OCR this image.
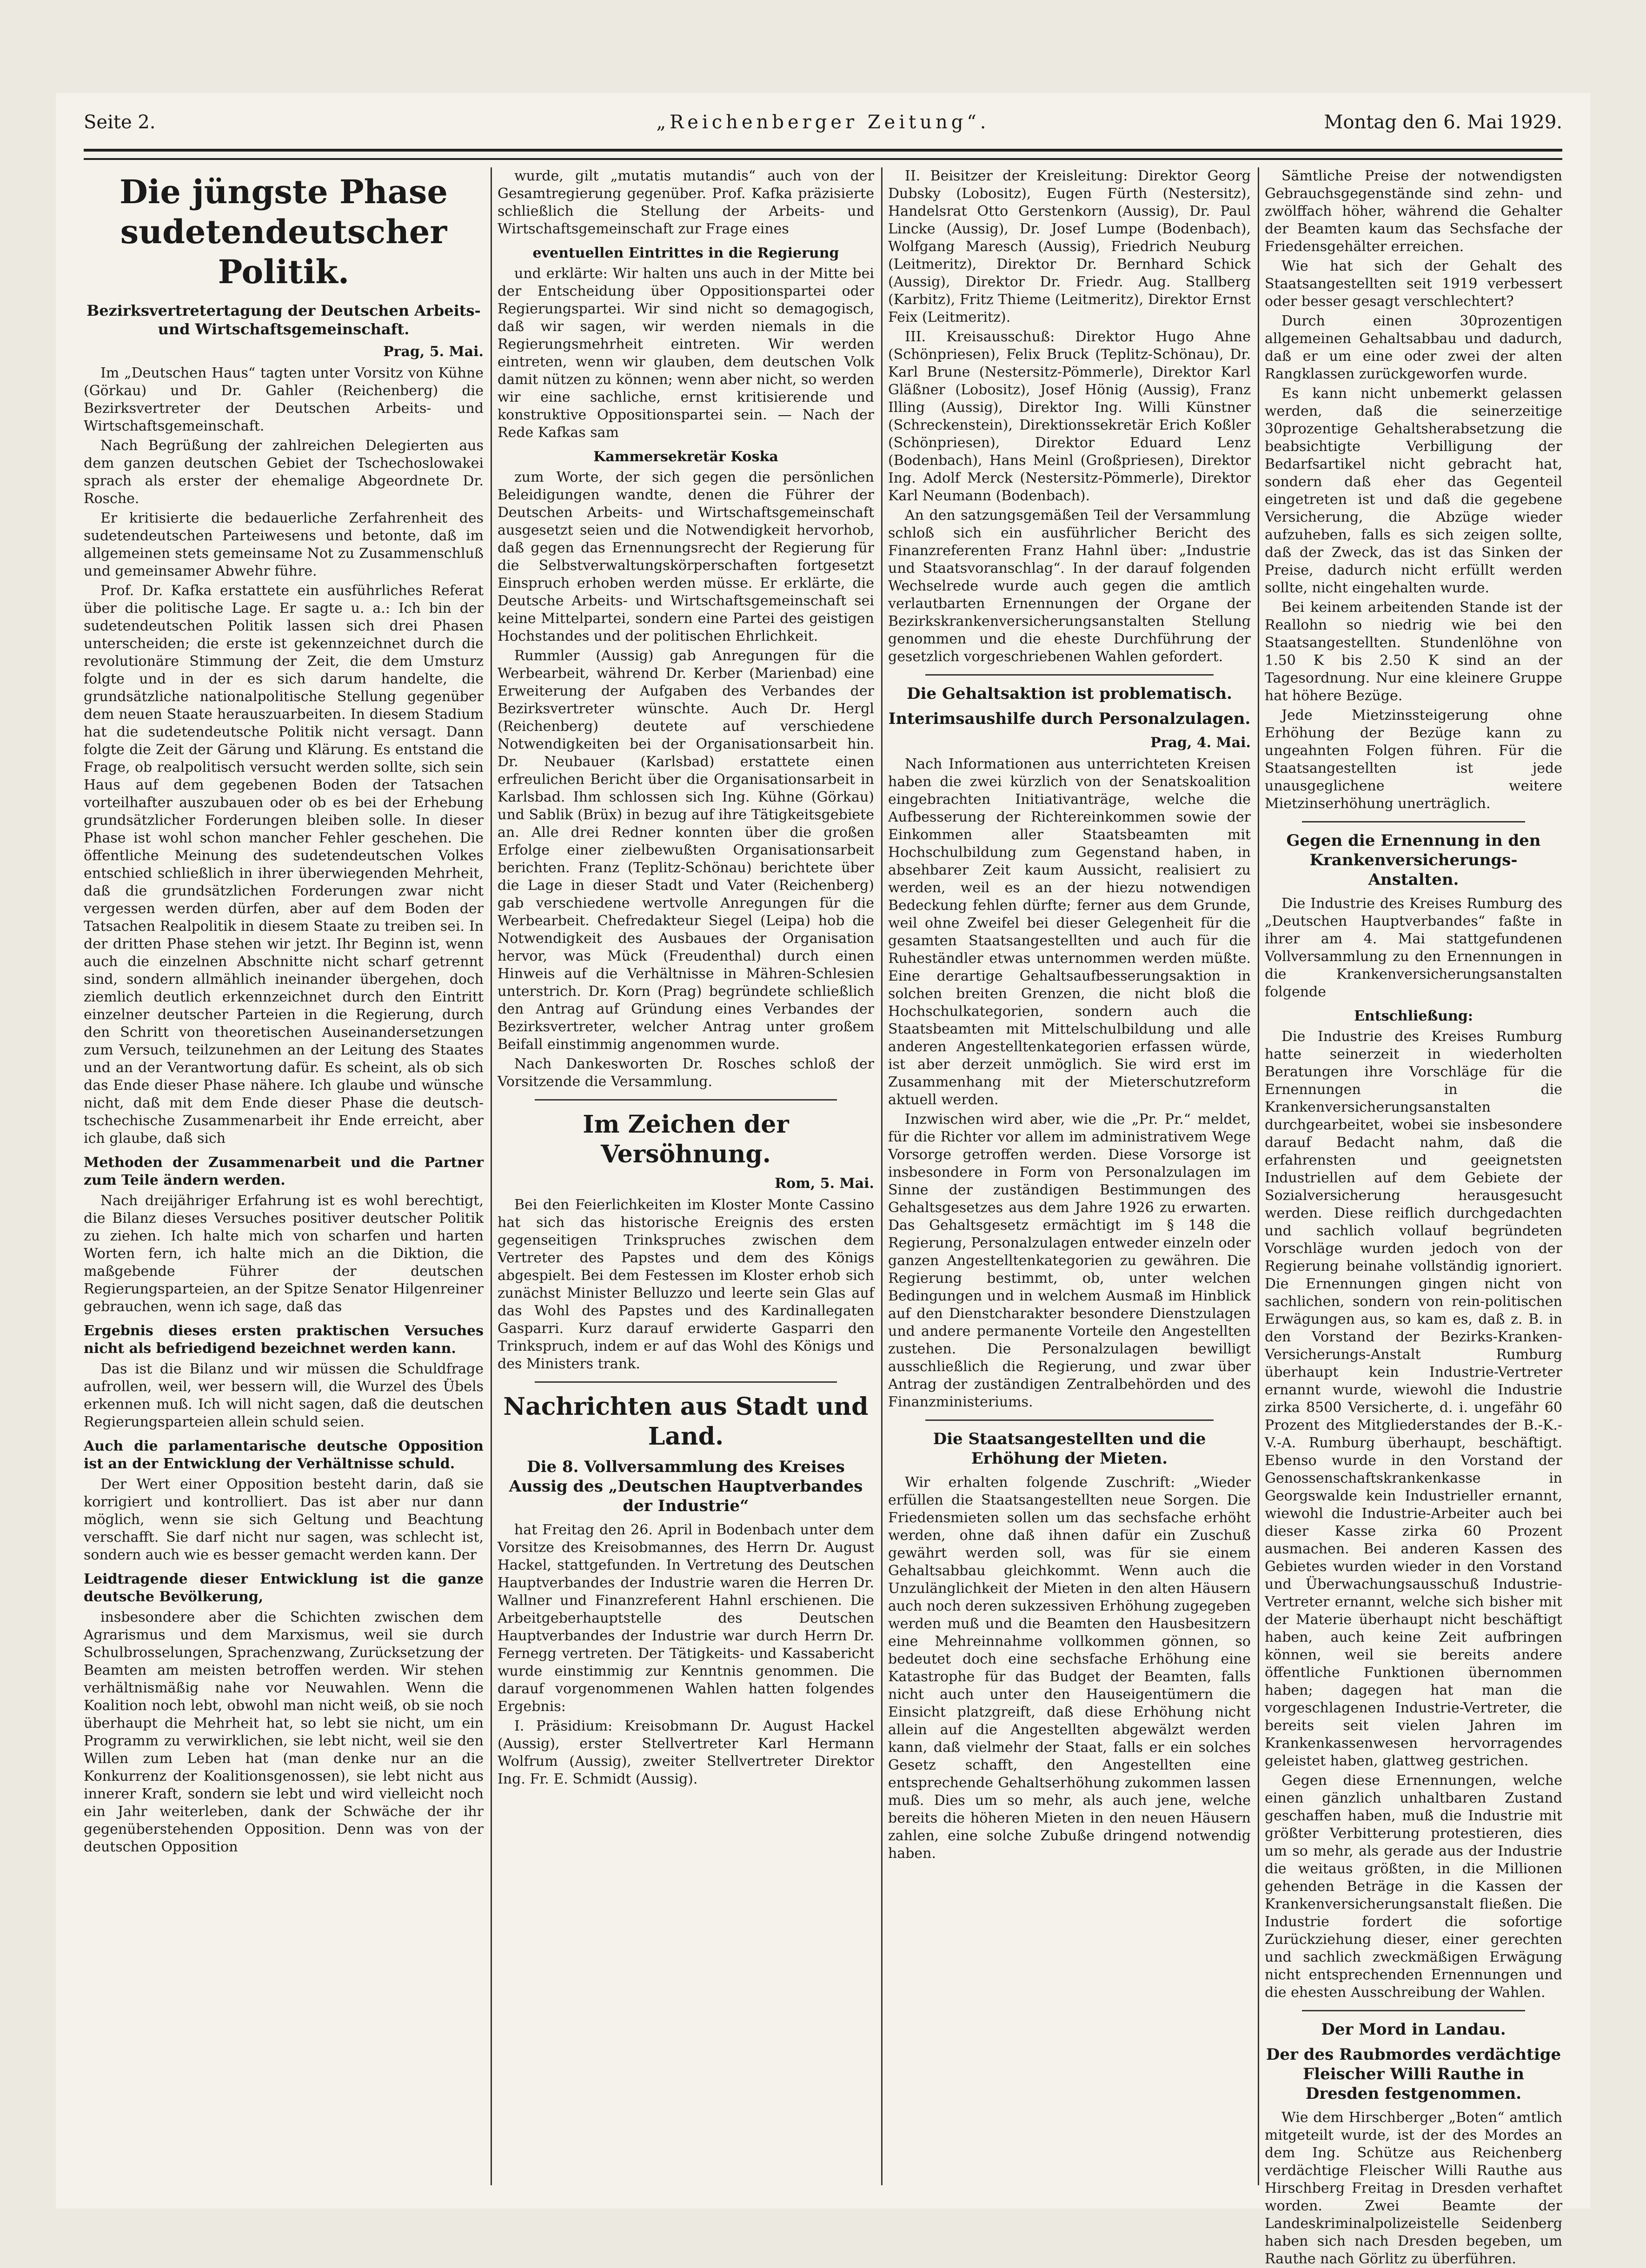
Seite 2.	„Reichenberger Zeitung“.	Montag den 6. Mai 1929.
Die jüngste Phase sudetendeutscher Politik.
Bezirksvertretertagung der Deutschen Arbeits- und Wirtschaftsgemeinschaft.
Prag, 5. Mai.

Im „Deutschen Haus“ tagten unter Vorsitz von Kühne (Görkau) und Dr. Gahler (Reichenberg) die Bezirksvertreter der Deutschen Arbeits- und Wirtschaftsgemeinschaft.

Nach Begrüßung der zahlreichen Delegierten aus dem ganzen deutschen Gebiet der Tschechoslowakei sprach als erster der ehemalige Abgeordnete Dr. Rosche.

Er kritisierte die bedauerliche Zerfahrenheit des sudetendeutschen Parteiwesens und betonte, daß im allgemeinen stets gemeinsame Not zu Zusammenschluß und gemeinsamer Abwehr führe.

Prof. Dr. Kafka erstattete ein ausführliches Referat über die politische Lage. Er sagte u. a.: Ich bin der sudetendeutschen Politik lassen sich drei Phasen unterscheiden; die erste ist gekennzeichnet durch die revolutionäre Stimmung der Zeit, die dem Umsturz folgte und in der es sich darum handelte, die grundsätzliche nationalpolitische Stellung gegenüber dem neuen Staate herauszuarbeiten. In diesem Stadium hat die sudetendeutsche Politik nicht versagt. Dann folgte die Zeit der Gärung und Klärung. Es entstand die Frage, ob realpolitisch versucht werden sollte, sich sein Haus auf dem gegebenen Boden der Tatsachen vorteilhafter auszubauen oder ob es bei der Erhebung grundsätzlicher Forderungen bleiben solle. In dieser Phase ist wohl schon mancher Fehler geschehen. Die öffentliche Meinung des sudetendeutschen Volkes entschied schließlich in ihrer überwiegenden Mehrheit, daß die grundsätzlichen Forderungen zwar nicht vergessen werden dürfen, aber auf dem Boden der Tatsachen Realpolitik in diesem Staate zu treiben sei. In der dritten Phase stehen wir jetzt. Ihr Beginn ist, wenn auch die einzelnen Abschnitte nicht scharf getrennt sind, sondern allmählich ineinander übergehen, doch ziemlich deutlich erkennzeichnet durch den Eintritt einzelner deutscher Parteien in die Regierung, durch den Schritt von theoretischen Auseinandersetzungen zum Versuch, teilzunehmen an der Leitung des Staates und an der Verantwortung dafür. Es scheint, als ob sich das Ende dieser Phase nähere. Ich glaube und wünsche nicht, daß mit dem Ende dieser Phase die deutsch-tschechische Zusammenarbeit ihr Ende erreicht, aber ich glaube, daß sich

Methoden der Zusammenarbeit und die Partner zum Teile ändern werden.

Nach dreijähriger Erfahrung ist es wohl berechtigt, die Bilanz dieses Versuches positiver deutscher Politik zu ziehen. Ich halte mich von scharfen und harten Worten fern, ich halte mich an die Diktion, die maßgebende Führer der deutschen Regierungsparteien, an der Spitze Senator Hilgenreiner gebrauchen, wenn ich sage, daß das

Ergebnis dieses ersten praktischen Versuches nicht als befriedigend bezeichnet werden kann.

Das ist die Bilanz und wir müssen die Schuldfrage aufrollen, weil, wer bessern will, die Wurzel des Übels erkennen muß. Ich will nicht sagen, daß die deutschen Regierungsparteien allein schuld seien.

Auch die parlamentarische deutsche Opposition ist an der Entwicklung der Verhältnisse schuld.

Der Wert einer Opposition besteht darin, daß sie korrigiert und kontrolliert. Das ist aber nur dann möglich, wenn sie sich Geltung und Beachtung verschafft. Sie darf nicht nur sagen, was schlecht ist, sondern auch wie es besser gemacht werden kann. Der

Leidtragende dieser Entwicklung ist die ganze deutsche Bevölkerung,

insbesondere aber die Schichten zwischen dem Agrarismus und dem Marxismus, weil sie durch Schulbrosselungen, Sprachenzwang, Zurücksetzung der Beamten am meisten betroffen werden. Wir stehen verhältnismäßig nahe vor Neuwahlen. Wenn die Koalition noch lebt, obwohl man nicht weiß, ob sie noch überhaupt die Mehrheit hat, so lebt sie nicht, um ein Programm zu verwirklichen, sie lebt nicht, weil sie den Willen zum Leben hat (man denke nur an die Konkurrenz der Koalitionsgenossen), sie lebt nicht aus innerer Kraft, sondern sie lebt und wird vielleicht noch ein Jahr weiterleben, dank der Schwäche der ihr gegenüberstehenden Opposition. Denn was von der deutschen Opposition

wurde, gilt „mutatis mutandis“ auch von der Gesamtregierung gegenüber. Prof. Kafka präzisierte schließlich die Stellung der Arbeits- und Wirtschaftsgemeinschaft zur Frage eines

eventuellen Eintrittes in die Regierung

und erklärte: Wir halten uns auch in der Mitte bei der Entscheidung über Oppositionspartei oder Regierungspartei. Wir sind nicht so demagogisch, daß wir sagen, wir werden niemals in die Regierungsmehrheit eintreten. Wir werden eintreten, wenn wir glauben, dem deutschen Volk damit nützen zu können; wenn aber nicht, so werden wir eine sachliche, ernst kritisierende und konstruktive Oppositionspartei sein. — Nach der Rede Kafkas sam

Kammersekretär Koska

zum Worte, der sich gegen die persönlichen Beleidigungen wandte, denen die Führer der Deutschen Arbeits- und Wirtschaftsgemeinschaft ausgesetzt seien und die Notwendigkeit hervorhob, daß gegen das Ernennungsrecht der Regierung für die Selbstverwaltungskörperschaften fortgesetzt Einspruch erhoben werden müsse. Er erklärte, die Deutsche Arbeits- und Wirtschaftsgemeinschaft sei keine Mittelpartei, sondern eine Partei des geistigen Hochstandes und der politischen Ehrlichkeit.

Rummler (Aussig) gab Anregungen für die Werbearbeit, während Dr. Kerber (Marienbad) eine Erweiterung der Aufgaben des Verbandes der Bezirksvertreter wünschte. Auch Dr. Hergl (Reichenberg) deutete auf verschiedene Notwendigkeiten bei der Organisationsarbeit hin. Dr. Neubauer (Karlsbad) erstattete einen erfreulichen Bericht über die Organisationsarbeit in Karlsbad. Ihm schlossen sich Ing. Kühne (Görkau) und Sablik (Brüx) in bezug auf ihre Tätigkeitsgebiete an. Alle drei Redner konnten über die großen Erfolge einer zielbewußten Organisationsarbeit berichten. Franz (Teplitz-Schönau) berichtete über die Lage in dieser Stadt und Vater (Reichenberg) gab verschiedene wertvolle Anregungen für die Werbearbeit. Chefredakteur Siegel (Leipa) hob die Notwendigkeit des Ausbaues der Organisation hervor, was Mück (Freudenthal) durch einen Hinweis auf die Verhältnisse in Mähren-Schlesien unterstrich. Dr. Korn (Prag) begründete schließlich den Antrag auf Gründung eines Verbandes der Bezirksvertreter, welcher Antrag unter großem Beifall einstimmig angenommen wurde.

Nach Dankesworten Dr. Rosches schloß der Vorsitzende die Versammlung.

Im Zeichen der Versöhnung.
Rom, 5. Mai.

Bei den Feierlichkeiten im Kloster Monte Cassino hat sich das historische Ereignis des ersten gegenseitigen Trinkspruches zwischen dem Vertreter des Papstes und dem des Königs abgespielt. Bei dem Festessen im Kloster erhob sich zunächst Minister Belluzzo und leerte sein Glas auf das Wohl des Papstes und des Kardinallegaten Gasparri. Kurz darauf erwiderte Gasparri den Trinkspruch, indem er auf das Wohl des Königs und des Ministers trank.

Nachrichten aus Stadt und Land.
Die 8. Vollversammlung des Kreises Aussig des „Deutschen Hauptverbandes der Industrie“

hat Freitag den 26. April in Bodenbach unter dem Vorsitze des Kreisobmannes, des Herrn Dr. August Hackel, stattgefunden. In Vertretung des Deutschen Hauptverbandes der Industrie waren die Herren Dr. Wallner und Finanzreferent Hahnl erschienen. Die Arbeitgeberhauptstelle des Deutschen Hauptverbandes der Industrie war durch Herrn Dr. Fernegg vertreten. Der Tätigkeits- und Kassabericht wurde einstimmig zur Kenntnis genommen. Die darauf vorgenommenen Wahlen hatten folgendes Ergebnis:

I. Präsidium: Kreisobmann Dr. August Hackel (Aussig), erster Stellvertreter Karl Hermann Wolfrum (Aussig), zweiter Stellvertreter Direktor Ing. Fr. E. Schmidt (Aussig).

II. Beisitzer der Kreisleitung: Direktor Georg Dubsky (Lobositz), Eugen Fürth (Nestersitz), Handelsrat Otto Gerstenkorn (Aussig), Dr. Paul Lincke (Aussig), Dr. Josef Lumpe (Bodenbach), Wolfgang Maresch (Aussig), Friedrich Neuburg (Leitmeritz), Direktor Dr. Bernhard Schick (Aussig), Direktor Dr. Friedr. Aug. Stallberg (Karbitz), Fritz Thieme (Leitmeritz), Direktor Ernst Feix (Leitmeritz).

III. Kreisausschuß: Direktor Hugo Ahne (Schönpriesen), Felix Bruck (Teplitz-Schönau), Dr. Karl Brune (Nestersitz-Pömmerle), Direktor Karl Gläßner (Lobositz), Josef Hönig (Aussig), Franz Illing (Aussig), Direktor Ing. Willi Künstner (Schreckenstein), Direktionssekretär Erich Koßler (Schönpriesen), Direktor Eduard Lenz (Bodenbach), Hans Meinl (Großpriesen), Direktor Ing. Adolf Merck (Nestersitz-Pömmerle), Direktor Karl Neumann (Bodenbach).

An den satzungsgemäßen Teil der Versammlung schloß sich ein ausführlicher Bericht des Finanzreferenten Franz Hahnl über: „Industrie und Staatsvoranschlag“. In der darauf folgenden Wechselrede wurde auch gegen die amtlich verlautbarten Ernennungen der Organe der Bezirkskrankenversicherungsanstalten Stellung genommen und die eheste Durchführung der gesetzlich vorgeschriebenen Wahlen gefordert.

Die Gehaltsaktion ist problematisch.
Interimsaushilfe durch Personalzulagen.
Prag, 4. Mai.

Nach Informationen aus unterrichteten Kreisen haben die zwei kürzlich von der Senatskoalition eingebrachten Initiativanträge, welche die Aufbesserung der Richtereinkommen sowie der Einkommen aller Staatsbeamten mit Hochschulbildung zum Gegenstand haben, in absehbarer Zeit kaum Aussicht, realisiert zu werden, weil es an der hiezu notwendigen Bedeckung fehlen dürfte; ferner aus dem Grunde, weil ohne Zweifel bei dieser Gelegenheit für die gesamten Staatsangestellten und auch für die Ruheständler etwas unternommen werden müßte. Eine derartige Gehaltsaufbesserungsaktion in solchen breiten Grenzen, die nicht bloß die Hochschulkategorien, sondern auch die Staatsbeamten mit Mittelschulbildung und alle anderen Angestelltenkategorien erfassen würde, ist aber derzeit unmöglich. Sie wird erst im Zusammenhang mit der Mieterschutzreform aktuell werden.

Inzwischen wird aber, wie die „Pr. Pr.“ meldet, für die Richter vor allem im administrativem Wege Vorsorge getroffen werden. Diese Vorsorge ist insbesondere in Form von Personalzulagen im Sinne der zuständigen Bestimmungen des Gehaltsgesetzes aus dem Jahre 1926 zu erwarten. Das Gehaltsgesetz ermächtigt im § 148 die Regierung, Personalzulagen entweder einzeln oder ganzen Angestelltenkategorien zu gewähren. Die Regierung bestimmt, ob, unter welchen Bedingungen und in welchem Ausmaß im Hinblick auf den Dienstcharakter besondere Dienstzulagen und andere permanente Vorteile den Angestellten zustehen. Die Personalzulagen bewilligt ausschließlich die Regierung, und zwar über Antrag der zuständigen Zentralbehörden und des Finanzministeriums.

Die Staatsangestellten und die Erhöhung der Mieten.

Wir erhalten folgende Zuschrift: „Wieder erfüllen die Staatsangestellten neue Sorgen. Die Friedensmieten sollen um das sechsfache erhöht werden, ohne daß ihnen dafür ein Zuschuß gewährt werden soll, was für sie einem Gehaltsabbau gleichkommt. Wenn auch die Unzulänglichkeit der Mieten in den alten Häusern auch noch deren sukzessiven Erhöhung zugegeben werden muß und die Beamten den Hausbesitzern eine Mehreinnahme vollkommen gönnen, so bedeutet doch eine sechsfache Erhöhung eine Katastrophe für das Budget der Beamten, falls nicht auch unter den Hauseigentümern die Einsicht platzgreift, daß diese Erhöhung nicht allein auf die Angestellten abgewälzt werden kann, daß vielmehr der Staat, falls er ein solches Gesetz schafft, den Angestellten eine entsprechende Gehaltserhöhung zukommen lassen muß. Dies um so mehr, als auch jene, welche bereits die höheren Mieten in den neuen Häusern zahlen, eine solche Zubuße dringend notwendig haben.

Sämtliche Preise der notwendigsten Gebrauchsgegenstände sind zehn- und zwölffach höher, während die Gehalter der Beamten kaum das Sechsfache der Friedensgehälter erreichen.

Wie hat sich der Gehalt des Staatsangestellten seit 1919 verbessert oder besser gesagt verschlechtert?

Durch einen 30prozentigen allgemeinen Gehaltsabbau und dadurch, daß er um eine oder zwei der alten Rangklassen zurückgeworfen wurde.

Es kann nicht unbemerkt gelassen werden, daß die seinerzeitige 30prozentige Gehaltsherabsetzung die beabsichtigte Verbilligung der Bedarfsartikel nicht gebracht hat, sondern daß eher das Gegenteil eingetreten ist und daß die gegebene Versicherung, die Abzüge wieder aufzuheben, falls es sich zeigen sollte, daß der Zweck, das ist das Sinken der Preise, dadurch nicht erfüllt werden sollte, nicht eingehalten wurde.

Bei keinem arbeitenden Stande ist der Reallohn so niedrig wie bei den Staatsangestellten. Stundenlöhne von 1.50 K bis 2.50 K sind an der Tagesordnung. Nur eine kleinere Gruppe hat höhere Bezüge.

Jede Mietzinssteigerung ohne Erhöhung der Bezüge kann zu ungeahnten Folgen führen. Für die Staatsangestellten ist jede unausgeglichene weitere Mietzinserhöhung unerträglich.

Gegen die Ernennung in den Krankenversicherungs-Anstalten.

Die Industrie des Kreises Rumburg des „Deutschen Hauptverbandes“ faßte in ihrer am 4. Mai stattgefundenen Vollversammlung zu den Ernennungen in die Krankenversicherungsanstalten folgende

Entschließung:

Die Industrie des Kreises Rumburg hatte seinerzeit in wiederholten Beratungen ihre Vorschläge für die Ernennungen in die Krankenversicherungsanstalten durchgearbeitet, wobei sie insbesondere darauf Bedacht nahm, daß die erfahrensten und geeignetsten Industriellen auf dem Gebiete der Sozialversicherung herausgesucht werden. Diese reiflich durchgedachten und sachlich vollauf begründeten Vorschläge wurden jedoch von der Regierung beinahe vollständig ignoriert. Die Ernennungen gingen nicht von sachlichen, sondern von rein-politischen Erwägungen aus, so kam es, daß z. B. in den Vorstand der Bezirks-Kranken-Versicherungs-Anstalt Rumburg überhaupt kein Industrie-Vertreter ernannt wurde, wiewohl die Industrie zirka 8500 Versicherte, d. i. ungefähr 60 Prozent des Mitgliederstandes der B.-K.-V.-A. Rumburg überhaupt, beschäftigt. Ebenso wurde in den Vorstand der Genossenschaftskrankenkasse in Georgswalde kein Industrieller ernannt, wiewohl die Industrie-Arbeiter auch bei dieser Kasse zirka 60 Prozent ausmachen. Bei anderen Kassen des Gebietes wurden wieder in den Vorstand und Überwachungsausschuß Industrie-Vertreter ernannt, welche sich bisher mit der Materie überhaupt nicht beschäftigt haben, auch keine Zeit aufbringen können, weil sie bereits andere öffentliche Funktionen übernommen haben; dagegen hat man die vorgeschlagenen Industrie-Vertreter, die bereits seit vielen Jahren im Krankenkassenwesen hervorragendes geleistet haben, glattweg gestrichen.

Gegen diese Ernennungen, welche einen gänzlich unhaltbaren Zustand geschaffen haben, muß die Industrie mit größter Verbitterung protestieren, dies um so mehr, als gerade aus der Industrie die weitaus größten, in die Millionen gehenden Beträge in die Kassen der Krankenversicherungsanstalt fließen. Die Industrie fordert die sofortige Zurückziehung dieser, einer gerechten und sachlich zweckmäßigen Erwägung nicht entsprechenden Ernennungen und die ehesten Ausschreibung der Wahlen.

Der Mord in Landau.
Der des Raubmordes verdächtige Fleischer Willi Rauthe in Dresden festgenommen.

Wie dem Hirschberger „Boten“ amtlich mitgeteilt wurde, ist der des Mordes an dem Ing. Schütze aus Reichenberg verdächtige Fleischer Willi Rauthe aus Hirschberg Freitag in Dresden verhaftet worden. Zwei Beamte der Landeskriminalpolizeistelle Seidenberg haben sich nach Dresden begeben, um Rauthe nach Görlitz zu überführen.
